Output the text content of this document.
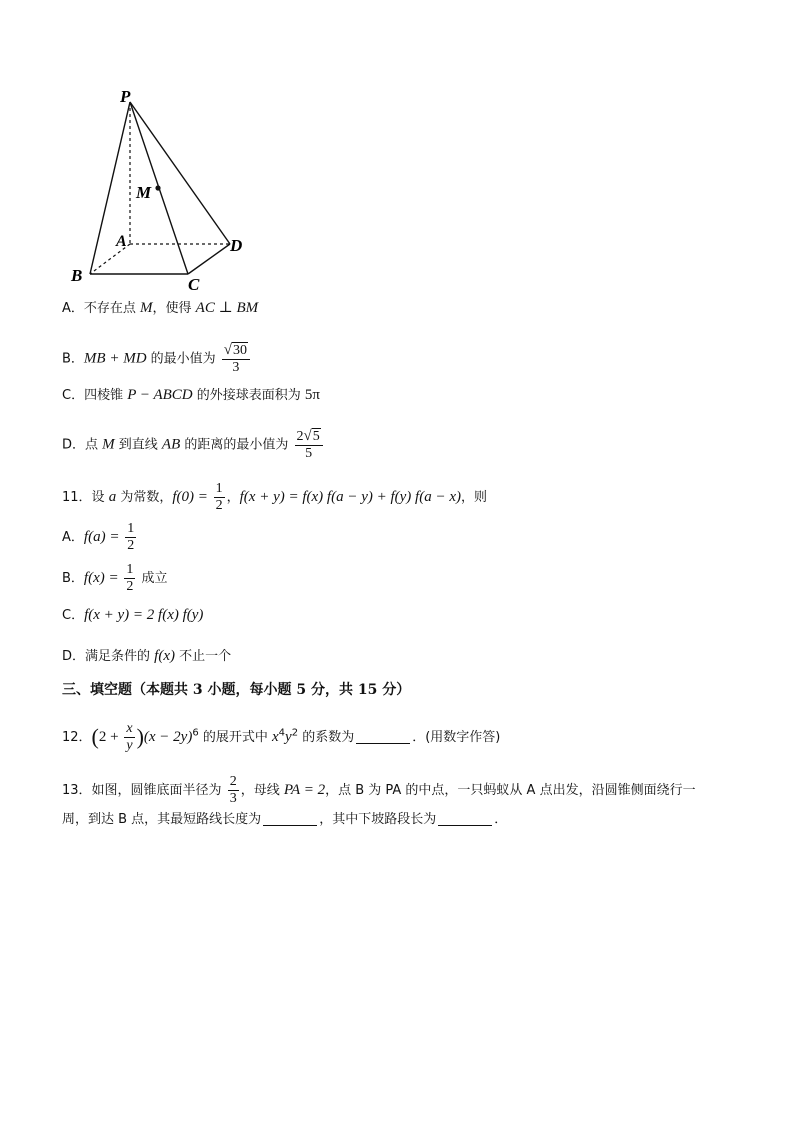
P
M
A
B	C
D
A．不存在点 M，使得 AC ⊥ BM
B．MB + MD 的最小值为 $\frac{√30}{3}$
C．四棱锥 P − ABCD 的外接球表面积为 5π
D．点 M 到直线 AB 的距离的最小值为 $\frac{2√5}{5}$
11．设 a 为常数，$f(0) = \frac{1}{2}$ ，f(x + y) = f(x) f(a − y) + f(y) f(a − x)，则
A．$f(a) = \frac{1}{2}$
B．$f(x) = \frac{1}{2}$ 成立
C．f(x + y) = 2 f(x) f(y)
D．满足条件的 f(x) 不止一个
三、填空题（本题共 3 小题，每小题 5 分，共 15 分）
12．$(2 + \frac{x}{y} )(x - 2y)^6$ 的展开式中 $x^4y^2$ 的系数为	．(用数字作答)
13．如图，圆锥底面半径为 $\frac{2}{3}$ ，母线 PA = 2，点 B 为 PA 的中点，一只蚂蚁从 A 点出发，沿圆锥侧面绕行一
周，到达 B 点，其最短路线长度为	，其中下坡路段长为	．
